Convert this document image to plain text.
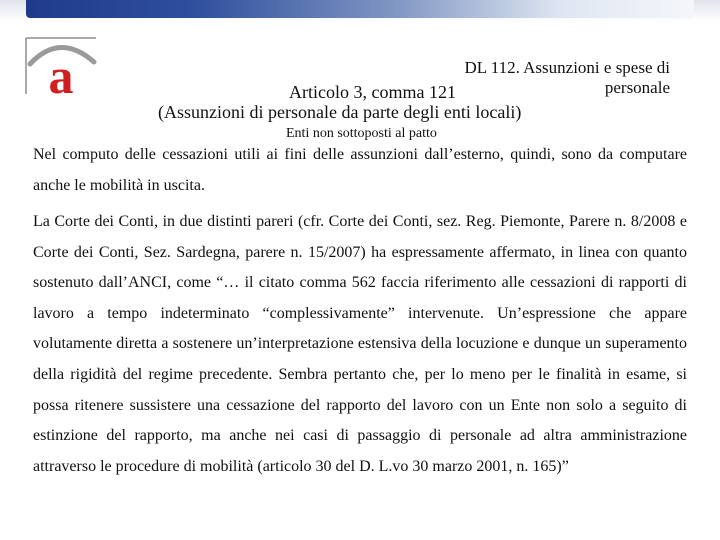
a	DL 112. Assunzioni e spese di
personale
Articolo 3, comma 121
(Assunzioni di personale da parte degli enti locali)
Enti non sottoposti al patto
Nel computo delle cessazioni utili ai fini delle assunzioni dall’esterno, quindi, sono da computare anche le mobilità in uscita.
La Corte dei Conti, in due distinti pareri (cfr. Corte dei Conti, sez. Reg. Piemonte, Parere n. 8/2008 e Corte dei Conti, Sez. Sardegna, parere n. 15/2007) ha espressamente affermato, in linea con quanto sostenuto dall’ANCI, come “… il citato comma 562 faccia riferimento alle cessazioni di rapporti di lavoro a tempo indeterminato “complessivamente” intervenute. Un’espressione che appare volutamente diretta a sostenere un’interpretazione estensiva della locuzione e dunque un superamento della rigidità del regime precedente. Sembra pertanto che, per lo meno per le finalità in esame, si possa ritenere sussistere una cessazione del rapporto del lavoro con un Ente non solo a seguito di estinzione del rapporto, ma anche nei casi di passaggio di personale ad altra amministrazione attraverso le procedure di mobilità (articolo 30 del D. L.vo 30 marzo 2001, n. 165)”
